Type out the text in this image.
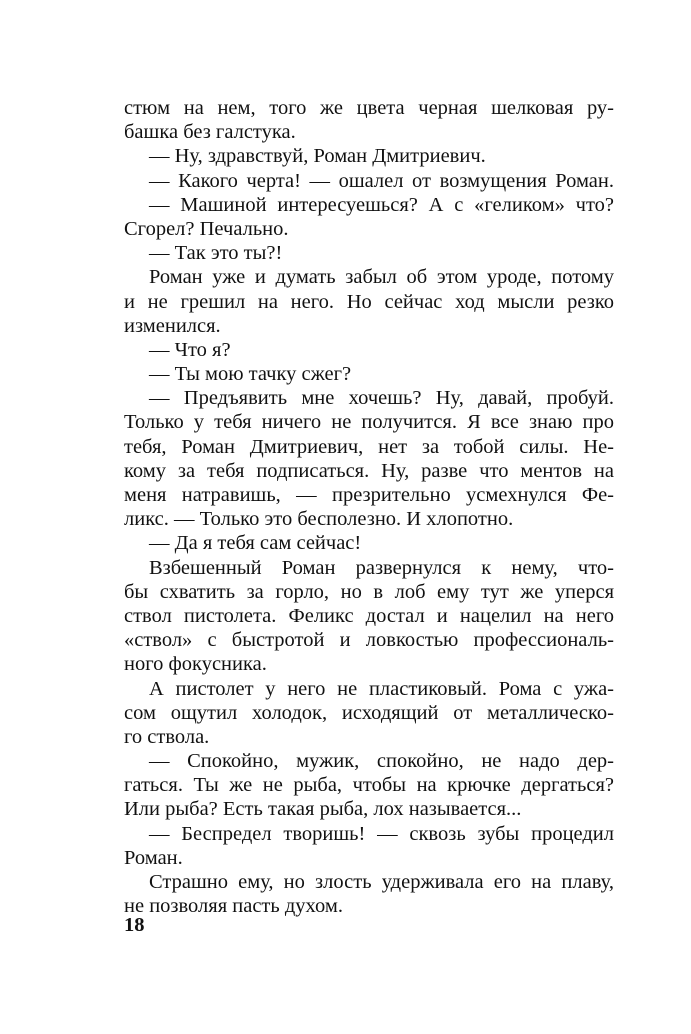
стюм на нем, того же цвета черная шелковая ру-
башка без галстука.
— Ну, здравствуй, Роман Дмитриевич.
— Какого черта! — ошалел от возмущения Роман.
— Машиной интересуешься? А с «геликом» что?
Сгорел? Печально.
— Так это ты?!
Роман уже и думать забыл об этом уроде, потому
и не грешил на него. Но сейчас ход мысли резко
изменился.
— Что я?
— Ты мою тачку сжег?
— Предъявить мне хочешь? Ну, давай, пробуй.
Только у тебя ничего не получится. Я все знаю про
тебя, Роман Дмитриевич, нет за тобой силы. Не-
кому за тебя подписаться. Ну, разве что ментов на
меня натравишь, — презрительно усмехнулся Фе-
ликс. — Только это бесполезно. И хлопотно.
— Да я тебя сам сейчас!
Взбешенный Роман развернулся к нему, что-
бы схватить за горло, но в лоб ему тут же уперся
ствол пистолета. Феликс достал и нацелил на него
«ствол» с быстротой и ловкостью профессиональ-
ного фокусника.
А пистолет у него не пластиковый. Рома с ужа-
сом ощутил холодок, исходящий от металлическо-
го ствола.
— Спокойно, мужик, спокойно, не надо дер-
гаться. Ты же не рыба, чтобы на крючке дергаться?
Или рыба? Есть такая рыба, лох называется...
— Беспредел творишь! — сквозь зубы процедил
Роман.
Страшно ему, но злость удерживала его на плаву,
не позволяя пасть духом.
18
